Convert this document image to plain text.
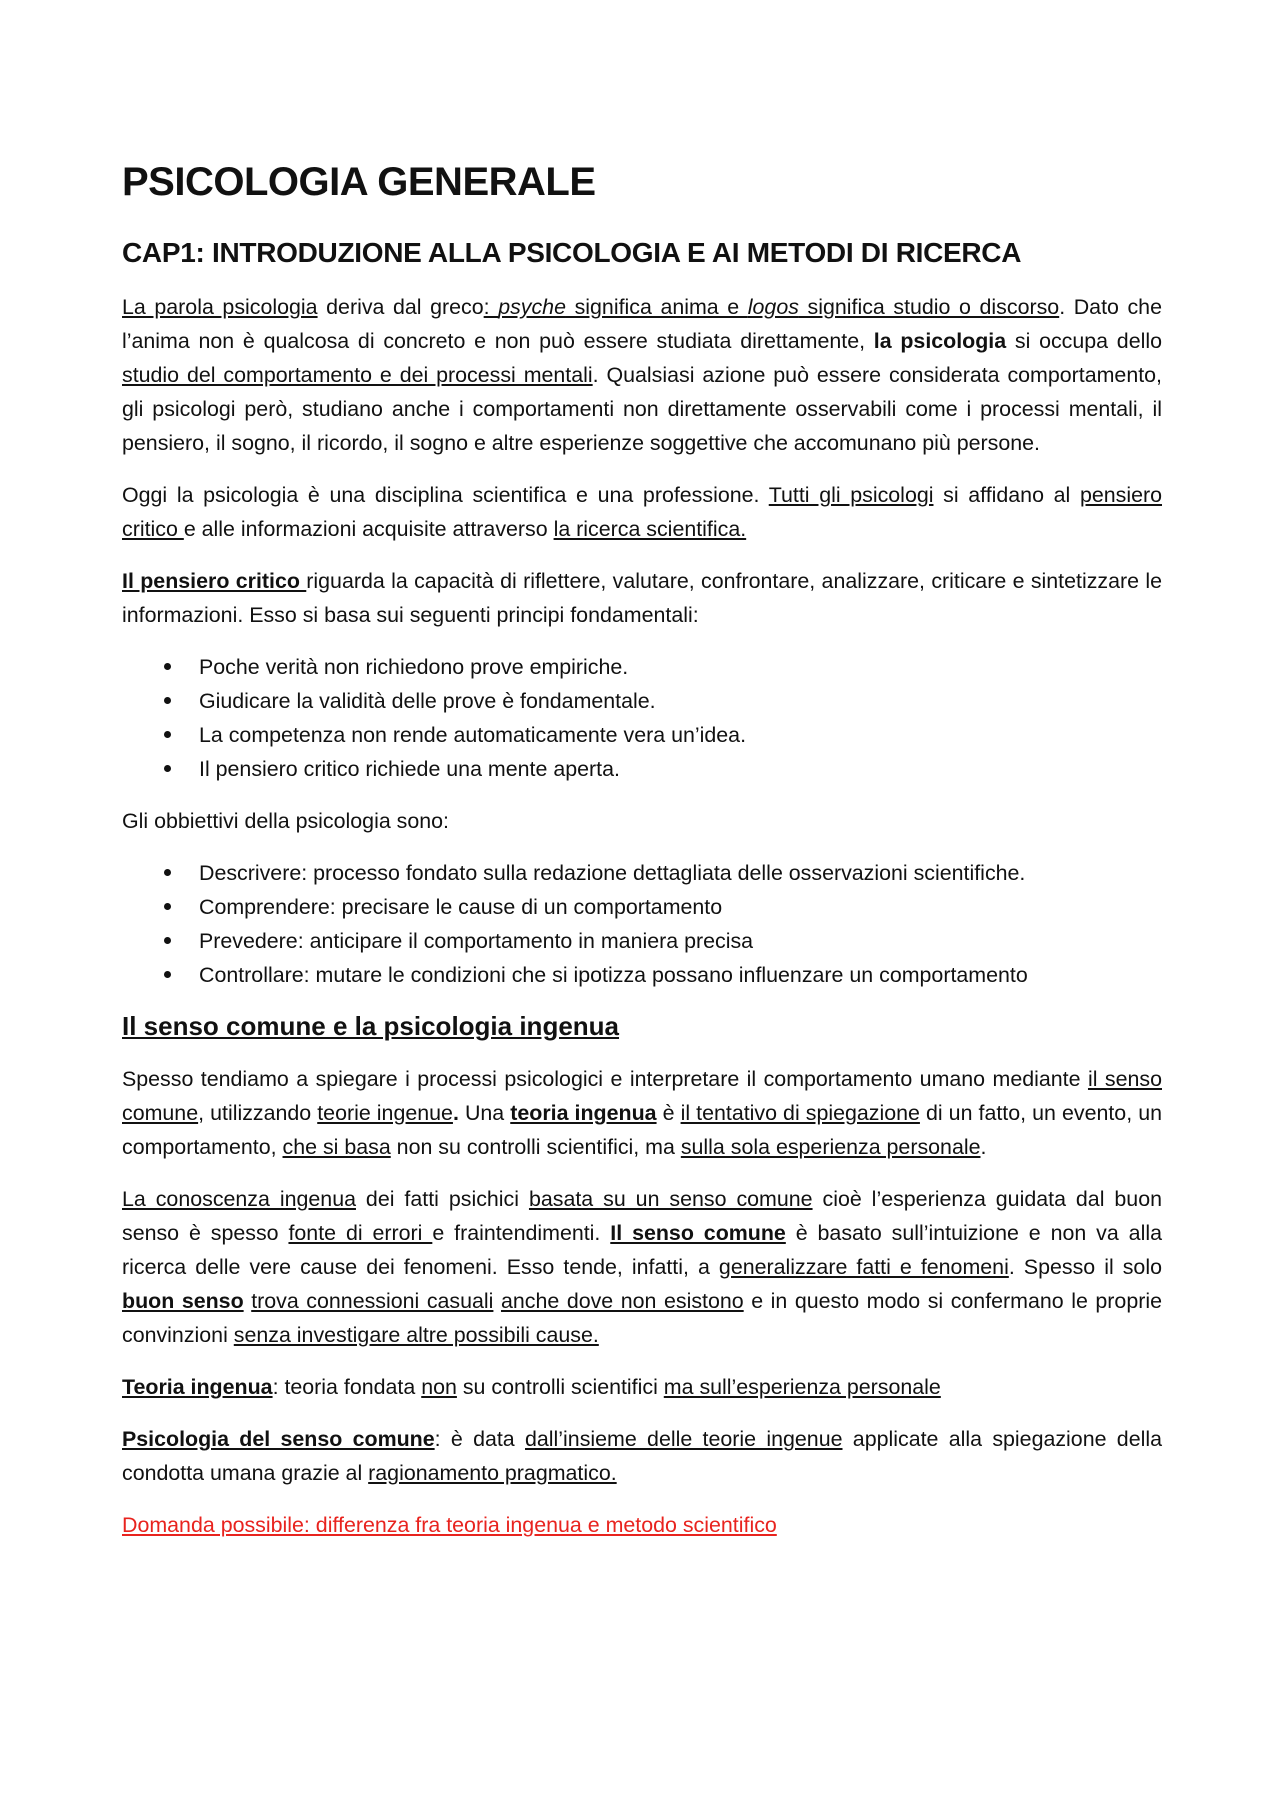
PSICOLOGIA GENERALE
CAP1: INTRODUZIONE ALLA PSICOLOGIA E AI METODI DI RICERCA

La parola psicologia deriva dal greco: psyche significa anima e logos significa studio o discorso. Dato che l’anima non è qualcosa di concreto e non può essere studiata direttamente, la psicologia si occupa dello studio del comportamento e dei processi mentali. Qualsiasi azione può essere considerata comportamento, gli psicologi però, studiano anche i comportamenti non direttamente osservabili come i processi mentali, il pensiero, il sogno, il ricordo, il sogno e altre esperienze soggettive che accomunano più persone.

Oggi la psicologia è una disciplina scientifica e una professione. Tutti gli psicologi si affidano al pensiero critico e alle informazioni acquisite attraverso la ricerca scientifica.

Il pensiero critico riguarda la capacità di riflettere, valutare, confrontare, analizzare, criticare e sintetizzare le informazioni. Esso si basa sui seguenti principi fondamentali:

Poche verità non richiedono prove empiriche.
Giudicare la validità delle prove è fondamentale.
La competenza non rende automaticamente vera un’idea.
Il pensiero critico richiede una mente aperta.

Gli obbiettivi della psicologia sono:

Descrivere: processo fondato sulla redazione dettagliata delle osservazioni scientifiche.
Comprendere: precisare le cause di un comportamento
Prevedere: anticipare il comportamento in maniera precisa
Controllare: mutare le condizioni che si ipotizza possano influenzare un comportamento
Il senso comune e la psicologia ingenua

Spesso tendiamo a spiegare i processi psicologici e interpretare il comportamento umano mediante il senso comune, utilizzando teorie ingenue. Una teoria ingenua è il tentativo di spiegazione di un fatto, un evento, un comportamento, che si basa non su controlli scientifici, ma sulla sola esperienza personale.

La conoscenza ingenua dei fatti psichici basata su un senso comune cioè l’esperienza guidata dal buon senso è spesso fonte di errori e fraintendimenti. Il senso comune è basato sull’intuizione e non va alla ricerca delle vere cause dei fenomeni. Esso tende, infatti, a generalizzare fatti e fenomeni. Spesso il solo buon senso trova connessioni casuali anche dove non esistono e in questo modo si confermano le proprie convinzioni senza investigare altre possibili cause.

Teoria ingenua: teoria fondata non su controlli scientifici ma sull’esperienza personale

Psicologia del senso comune: è data dall’insieme delle teorie ingenue applicate alla spiegazione della condotta umana grazie al ragionamento pragmatico.

Domanda possibile: differenza fra teoria ingenua e metodo scientifico
